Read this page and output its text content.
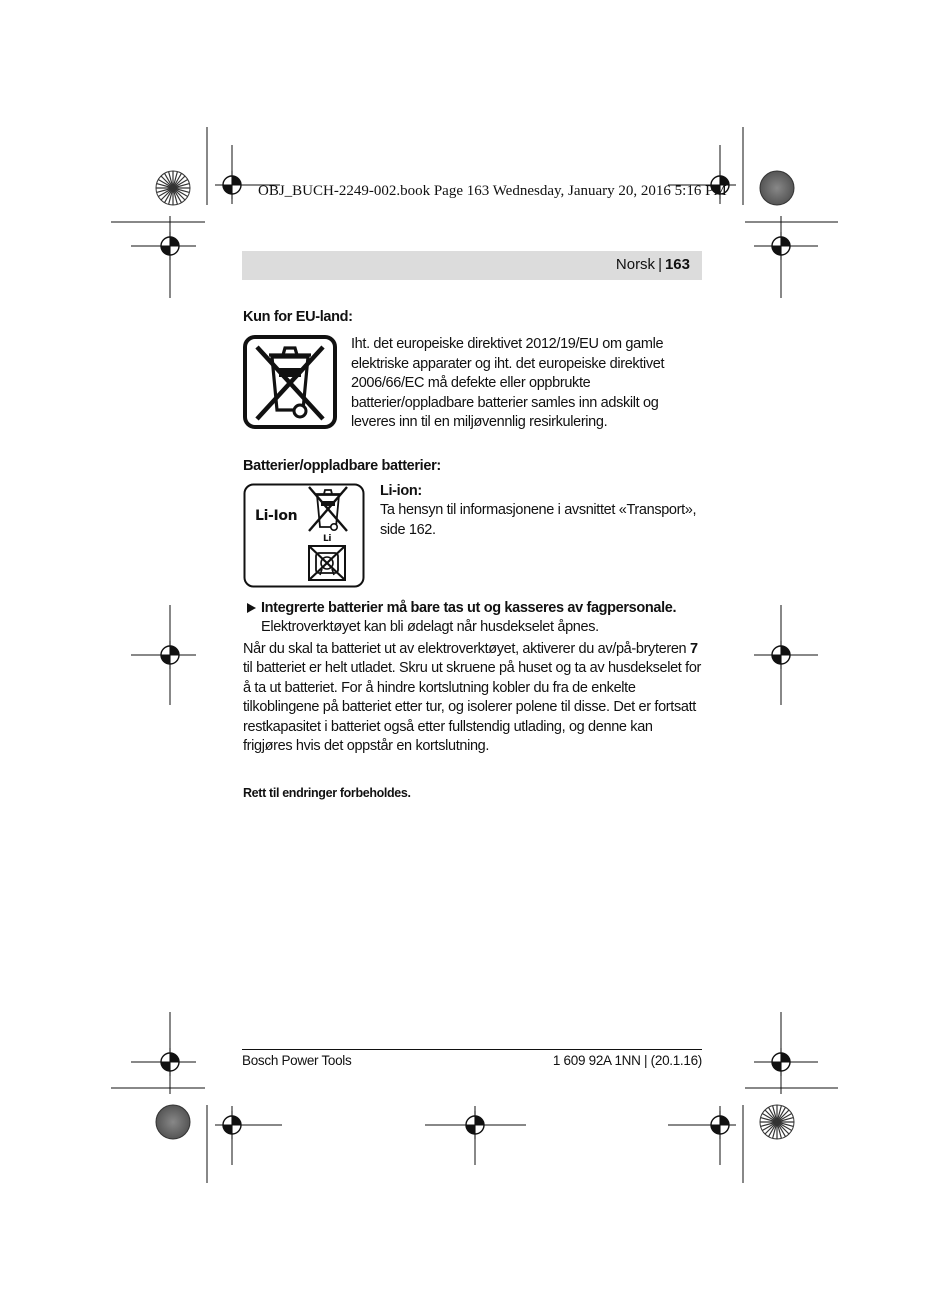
OBJ_BUCH-2249-002.book Page 163 Wednesday, January 20, 2016 5:16 PM
Norsk | 163
Kun for EU-land:

Iht. det europeiske direktivet 2012/19/EU om gamle elektriske apparater og iht. det europeiske direktivet 2006/66/EC må defekte eller oppbrukte batterier/oppladbare batterier samles inn adskilt og leveres inn til en miljøvennlig resirkulering.

Batterier/oppladbare batterier:
Li-Ion
Li
Li-ion:
Ta hensyn til informasjonene i avsnittet «Transport», side 162.

Integrerte batterier må bare tas ut og kasseres av fagpersonale. Elektroverktøyet kan bli ødelagt når husdekselet åpnes.

Når du skal ta batteriet ut av elektroverktøyet, aktiverer du av/på-bryteren 7 til batteriet er helt utladet. Skru ut skruene på huset og ta av husdekselet for å ta ut batteriet. For å hindre kortslutning kobler du fra de enkelte tilkoblingene på batteriet etter tur, og isolerer polene til disse. Det er fortsatt restkapasitet i batteriet også etter fullstendig utlading, og denne kan frigjøres hvis det oppstår en kortslutning.

Rett til endringer forbeholdes.
Bosch Power Tools	1 609 92A 1NN | (20.1.16)
